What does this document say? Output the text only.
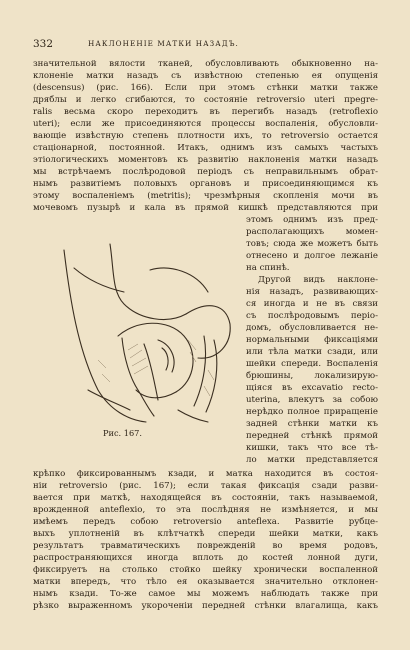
332	НАКЛОНЕНІЕ МАТКИ НАЗАДЪ.
значительной вялости тканей, обусловливають обыкновенно на-
клоненіе матки назадъ съ извѣстною степенью ея опущенія
(descensus) (рис. 166). Если при этомъ стѣнки матки также
дряблы и легко сгибаются, то состояніе retroversio uteri преgre-
ralis весьма скоро переходитъ въ перегибъ назадъ (retroflexio
uteri); если же присоединяются процессы воспаленія, обусловли-
вающіе извѣстную степень плотности ихъ, то retroversio остается
стаціонарной, постоянной. Итакъ, однимъ изъ самыхъ частыхъ
этіологическихъ моментовъ къ развитію наклоненія матки назадъ
мы встрѣчаемъ послѣродовой періодъ съ неправильнымъ обрат-
нымъ развитіемъ половыхъ органовъ и присоединяющимся къ
этому воспаленіемъ (metritis); чрезмѣрныя скопленія мочи въ
мочевомъ пузырѣ и кала въ прямой кишкѣ представляются при
этомъ однимъ изъ пред-
располагающихъ момен-
товъ; сюда же можетъ быть
отнесено и долгое лежаніе
на спинѣ.
Другой видъ наклоне-
нія назадъ, развивающих-
ся иногда и не въ связи
съ послѣродовымъ періо-
домъ, обусловливается не-
нормальными фиксаціями
или тѣла матки сзади, или
шейки спереди. Воспаленія
брюшины, локализирую-
щіяся въ excavatio recto-
uterina, влекутъ за собою
нерѣдко полное приращеніе
задней стѣнки матки къ
передней стѣнкѣ прямой
кишки, такъ что все тѣ-
ло матки представляется
Рис. 167.
крѣпко фиксированнымъ кзади, и матка находится въ состоя-
ніи retroversio (рис. 167); если такая фиксація сзади разви-
вается при маткѣ, находящейся въ состояніи, такъ называемой,
врожденной anteflexio, то эта послѣдняя не измѣняется, и мы
имѣемъ передъ собою retroversio anteflexa. Развитіе рубце-
выхъ уплотненій въ клѣтчаткѣ спереди шейки матки, какъ
результатъ травматическихъ поврежденій во время родовъ,
распространяющихся иногда вплоть до костей лонной дуги,
фиксируетъ на столько стойко шейку хронически воспаленной
матки впередъ, что тѣло ея оказывается значительно отклонен-
нымъ кзади. То-же самое мы можемъ наблюдать также при
рѣзко выраженномъ укороченіи передней стѣнки влагалища, какъ
